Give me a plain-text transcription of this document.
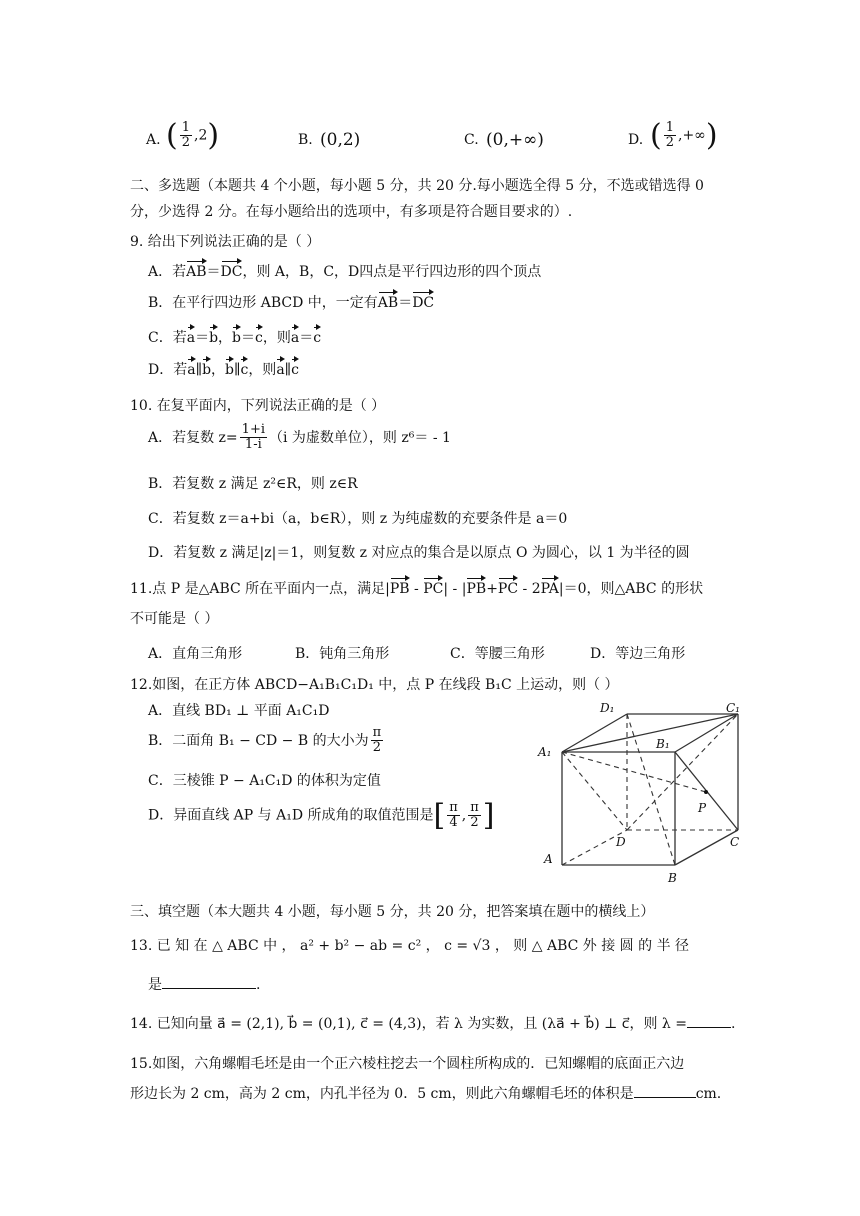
A. ( $\frac{1}{2} ,2$)	B. (0,2)	C. (0,+∞)	D. ( $\frac{1}{2}$ ,+∞)
二、多选题（本题共 4 个小题，每小题 5 分，共 20 分.每小题选全得 5 分，不选或错选得 0
分，少选得 2 分。在每小题给出的选项中，有多项是符合题目要求的）.
9. 给出下列说法正确的是（ ）
A．若AB＝DC，则 A，B，C，D四点是平行四边形的四个顶点
B．在平行四边形 ABCD 中，一定有AB＝DC
C．若a＝b，b＝c，则a＝c
D．若a∥b，b∥c，则a∥c
10. 在复平面内，下列说法正确的是（ ）
A．若复数 $z= \frac{1+i}{1-i} (i$ 为虚数单位），则 z⁶＝ - 1
B．若复数 z 满足 z²∈R，则 z∈R
C．若复数 z＝a+bi（a，b∈R），则 z 为纯虚数的充要条件是 a＝0
D．若复数 z 满足|z|＝1，则复数 z 对应点的集合是以原点 O 为圆心，以 1 为半径的圆
11.点 P 是△ABC 所在平面内一点，满足|PB - PC| - |PB+PC - 2PA|＝0，则△ABC 的形状
不可能是（ ）
A．直角三角形	B．钝角三角形	C．等腰三角形	D．等边三角形
12.如图，在正方体 ABCD−A₁B₁C₁D₁ 中，点 P 在线段 B₁C 上运动，则（ ）
A．直线 BD₁ ⊥ 平面 A₁C₁D
B．二面角 B₁ − CD − B 的大小为 $\frac{\pi}{2}$
C．三棱锥 P − A₁C₁D 的体积为定值
D．异面直线 AP 与 A₁D 所成角的取值范围是[ $\frac{\pi}{4}$ , $\frac{\pi}{2}$ ]
D₁	C₁
A₁
B₁
P
D	C
A
B
三、填空题（本大题共 4 小题，每小题 5 分，共 20 分，把答案填在题中的横线上）
13. 已 知 在 △ ABC 中 ， a² + b² − ab = c² ， c = √3 ， 则 △ ABC 外 接 圆 的 半 径
是	.
14. 已知向量 a⃗ = (2,1), b⃗ = (0,1), c⃗ = (4,3)，若 λ 为实数，且 (λa⃗ + b⃗) ⊥ c⃗，则 λ =	.
15.如图，六角螺帽毛坯是由一个正六棱柱挖去一个圆柱所构成的．已知螺帽的底面正六边
形边长为 2 cm，高为 2 cm，内孔半径为 0．5 cm，则此六角螺帽毛坯的体积是	cm.
